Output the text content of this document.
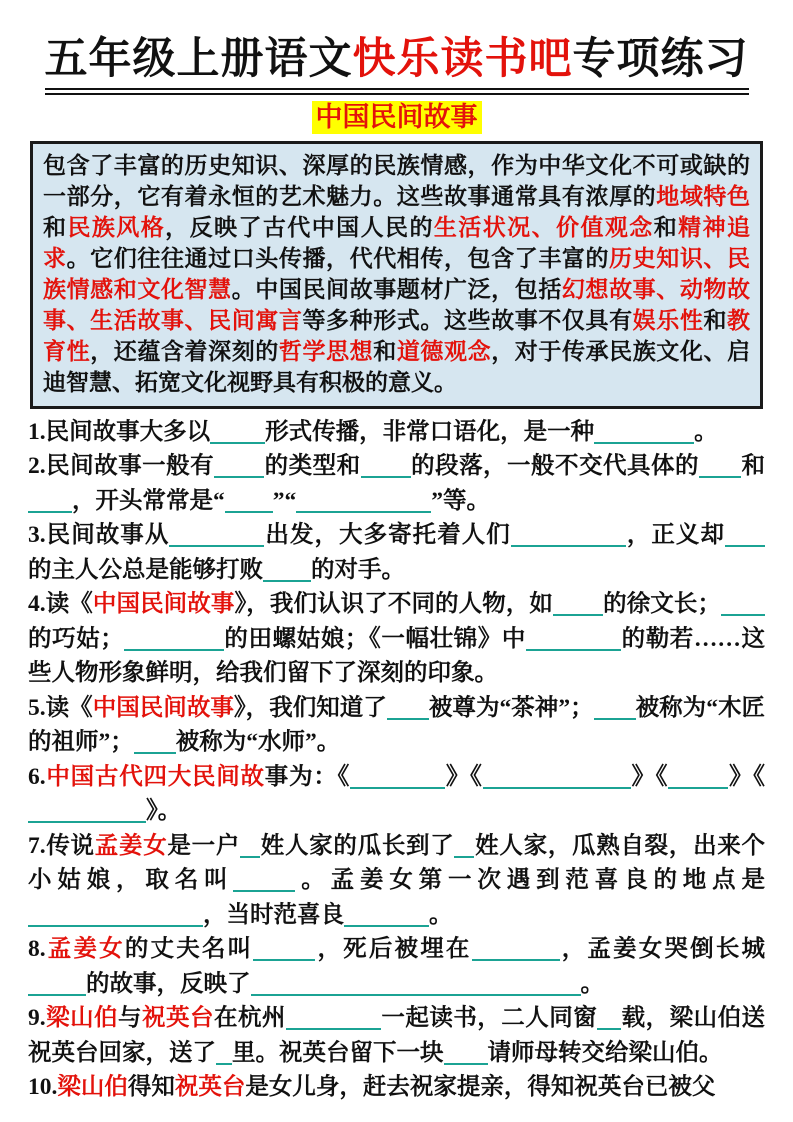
五年级上册语文快乐读书吧专项练习
中国民间故事
包含了丰富的历史知识、深厚的民族情感，作为中华文化不可或缺的一部分，它有着永恒的艺术魅力。这些故事通常具有浓厚的地域特色和民族风格，反映了古代中国人民的生活状况、价值观念和精神追求。它们往往通过口头传播，代代相传，包含了丰富的历史知识、民族情感和文化智慧。中国民间故事题材广泛，包括幻想故事、动物故事、生活故事、民间寓言等多种形式。这些故事不仅具有娱乐性和教育性，还蕴含着深刻的哲学思想和道德观念，对于传承民族文化、启迪智慧、拓宽文化视野具有积极的意义。
1.民间故事大多以 形式传播，非常口语化，是一种	。
2.民间故事一般有 的类型和 的段落，一般不交代具体的 和，开头常常是“ ”“	”等。
3.民间故事从	出发，大多寄托着人们	，正义却的主人公总是能够打败 的对手。
4.读《中国民间故事》，我们认识了不同的人物，如 的徐文长；的巧姑；	的田螺姑娘；《一幅壮锦》中	的勒若……这些人物形象鲜明，给我们留下了深刻的印象。
5.读《中国民间故事》，我们知道了 被尊为“茶神”； 被称为“木匠的祖师”； 被称为“水师”。
6.中国古代四大民间故事为：《	》《	》《	》《》。
7.传说孟姜女是一户 姓人家的瓜长到了 姓人家，瓜熟自裂，出来个小姑娘，取名叫	。孟姜女第一次遇到范喜良的地点是，当时范喜良	。
8.孟姜女的丈夫名叫	，死后被埋在	，孟姜女哭倒长城的故事，反映了	。
9.梁山伯与祝英台在杭州	一起读书，二人同窗 载，梁山伯送祝英台回家，送了 里。祝英台留下一块 请师母转交给梁山伯。
10.梁山伯得知祝英台是女儿身，赶去祝家提亲，得知祝英台已被父
